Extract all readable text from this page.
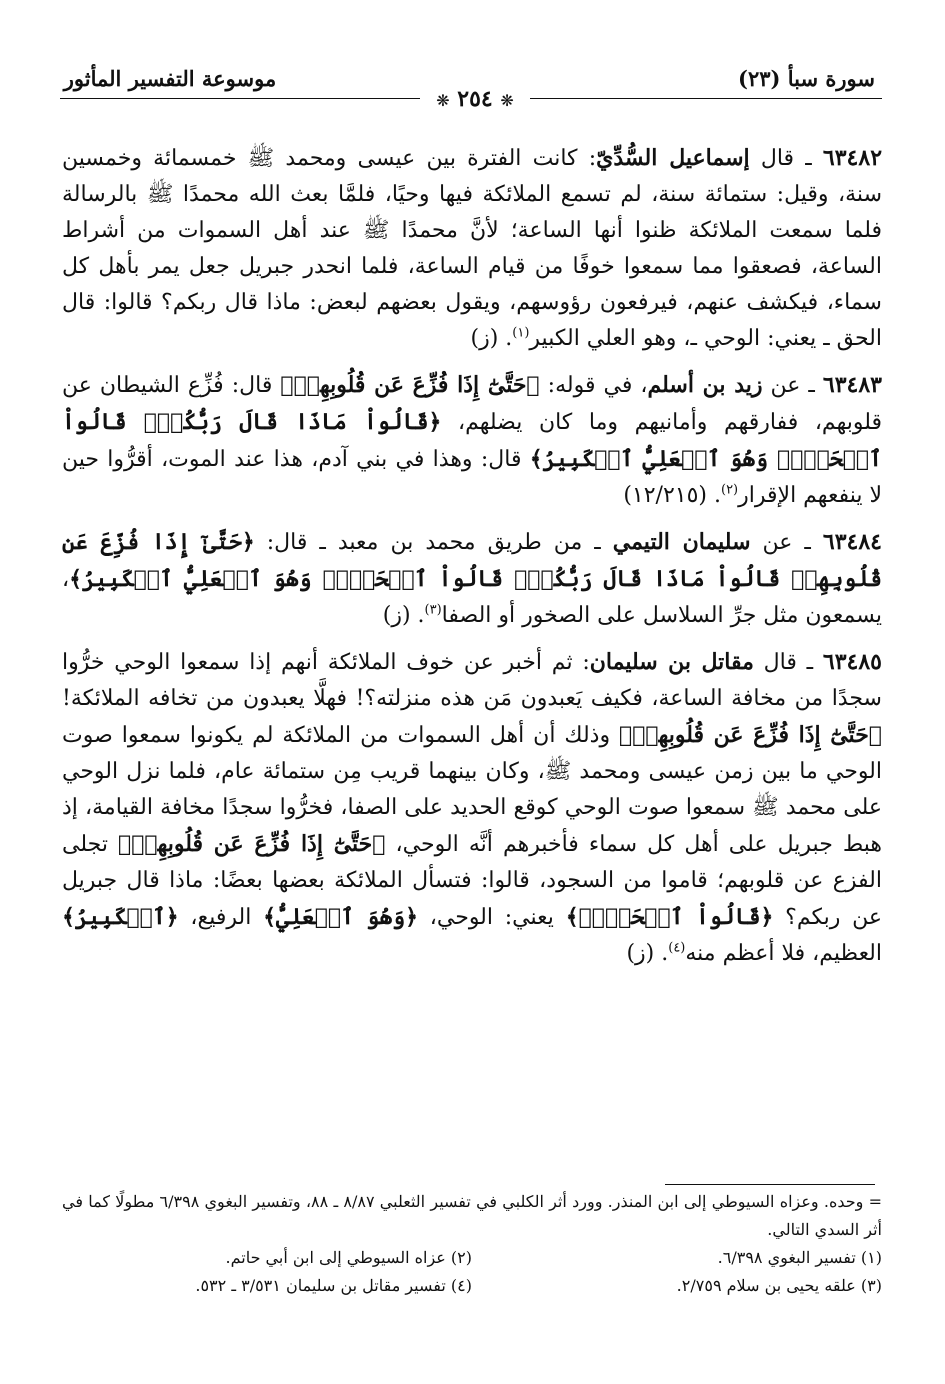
موسوعة التفسير المأثور	سورة سبأ (٢٣)
❋ ٢٥٤ ❋

٦٣٤٨٢ ـ قال إسماعيل السُّدِّيّ: كانت الفترة بين عيسى ومحمد ﷺ خمسمائة وخمسين سنة، وقيل: ستمائة سنة، لم تسمع الملائكة فيها وحيًا، فلمَّا بعث الله محمدًا ﷺ بالرسالة فلما سمعت الملائكة ظنوا أنها الساعة؛ لأنَّ محمدًا ﷺ عند أهل السموات من أشراط الساعة، فصعقوا مما سمعوا خوفًا من قيام الساعة، فلما انحدر جبريل جعل يمر بأهل كل سماء، فيكشف عنهم، فيرفعون رؤوسهم، ويقول بعضهم لبعض: ماذا قال ربكم؟ قالوا: قال الحق ـ يعني: الوحي ـ، وهو العلي الكبير$^{(١)}$. (ز)

٦٣٤٨٣ ـ عن زيد بن أسلم، في قوله: ﴿حَتَّىٰٓ إِذَا فُزِّعَ عَن قُلُوبِهِمۡ﴾ قال: فُزِّع الشيطان عن قلوبهم، ففارقهم وأمانيهم وما كان يضلهم، ﴿قَالُواْ مَاذَا قَالَ رَبُّكُمۡۖ قَالُواْ ٱلۡحَقَّۖ وَهُوَ ٱلۡعَلِيُّ ٱلۡكَبِيرُ﴾ قال: وهذا في بني آدم، هذا عند الموت، أقرُّوا حين لا ينفعهم الإقرار$^{(٢)}$. (١٢/٢١٥)

٦٣٤٨٤ ـ عن سليمان التيمي ـ من طريق محمد بن معبد ـ قال: ﴿حَتَّىٰٓ إِذَا فُزِّعَ عَن قُلُوبِهِمۡ قَالُواْ مَاذَا قَالَ رَبُّكُمۡۖ قَالُواْ ٱلۡحَقَّۖ وَهُوَ ٱلۡعَلِيُّ ٱلۡكَبِيرُ﴾، يسمعون مثل جرِّ السلاسل على الصخور أو الصفا$^{(٣)}$. (ز)

٦٣٤٨٥ ـ قال مقاتل بن سليمان: ثم أخبر عن خوف الملائكة أنهم إذا سمعوا الوحي خرُّوا سجدًا من مخافة الساعة، فكيف يَعبدون مَن هذه منزلته؟! فهلَّا يعبدون من تخافه الملائكة! ﴿حَتَّىٰٓ إِذَا فُزِّعَ عَن قُلُوبِهِمۡ﴾ وذلك أن أهل السموات من الملائكة لم يكونوا سمعوا صوت الوحي ما بين زمن عيسى ومحمد ﷺ، وكان بينهما قريب مِن ستمائة عام، فلما نزل الوحي على محمد ﷺ سمعوا صوت الوحي كوقع الحديد على الصفا، فخرُّوا سجدًا مخافة القيامة، إذ هبط جبريل على أهل كل سماء فأخبرهم أنَّه الوحي، ﴿حَتَّىٰٓ إِذَا فُزِّعَ عَن قُلُوبِهِمۡ﴾ تجلى الفزع عن قلوبهم؛ قاموا من السجود، قالوا: فتسأل الملائكة بعضها بعضًا: ماذا قال جبريل عن ربكم؟ ﴿قَالُواْ ٱلۡحَقَّۖ﴾ يعني: الوحي، ﴿وَهُوَ ٱلۡعَلِيُّ﴾ الرفيع، ﴿ٱلۡكَبِيرُ﴾ العظيم، فلا أعظم منه$^{(٤)}$. (ز)

= وحده. وعزاه السيوطي إلى ابن المنذر. وورد أثر الكلبي في تفسير الثعلبي ٨/٨٧ ـ ٨٨، وتفسير البغوي ٦/٣٩٨ مطولًا كما في أثر السدي التالي.
(١) تفسير البغوي ٦/٣٩٨.
(٢) عزاه السيوطي إلى ابن أبي حاتم.
(٣) علقه يحيى بن سلام ٢/٧٥٩.
(٤) تفسير مقاتل بن سليمان ٣/٥٣١ ـ ٥٣٢.
